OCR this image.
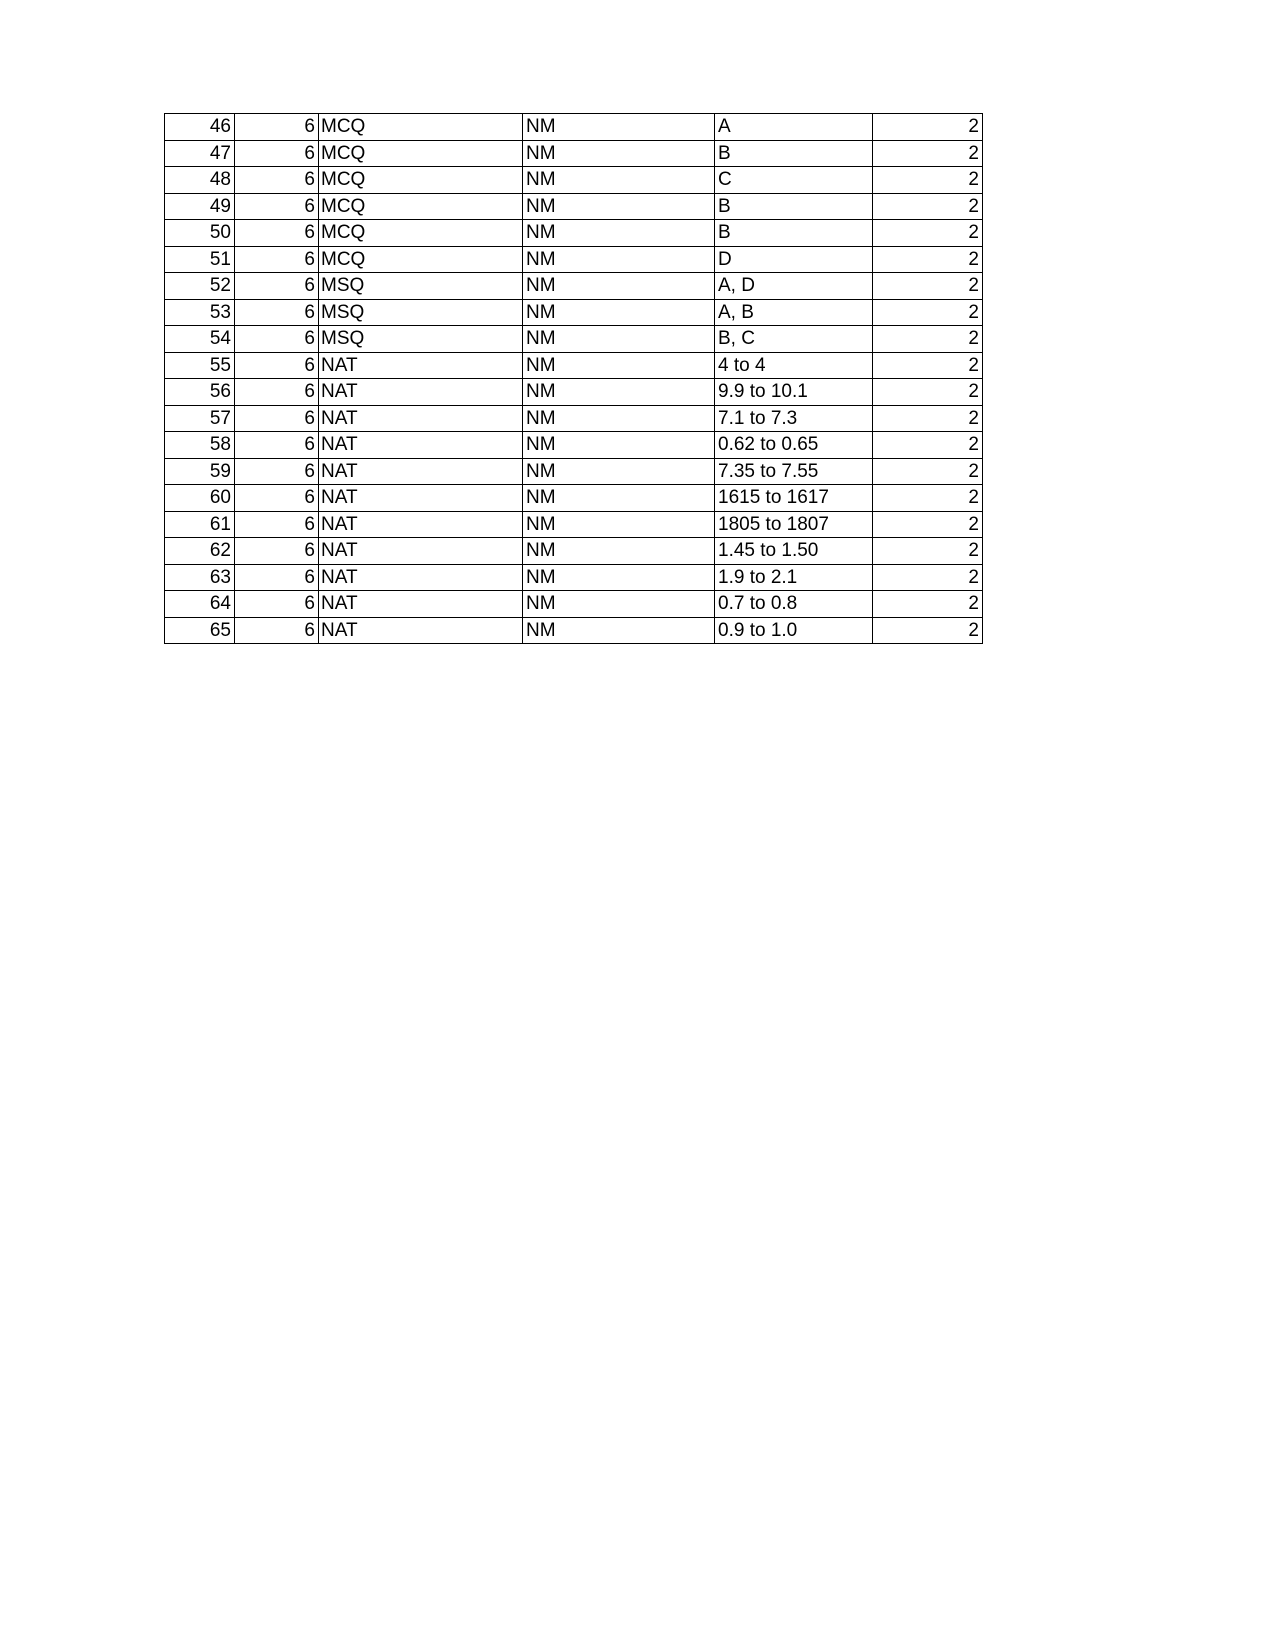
46	6	MCQ	NM	A	2
47	6	MCQ	NM	B	2
48	6	MCQ	NM	C	2
49	6	MCQ	NM	B	2
50	6	MCQ	NM	B	2
51	6	MCQ	NM	D	2
52	6	MSQ	NM	A, D	2
53	6	MSQ	NM	A, B	2
54	6	MSQ	NM	B, C	2
55	6	NAT	NM	4 to 4	2
56	6	NAT	NM	9.9 to 10.1	2
57	6	NAT	NM	7.1 to 7.3	2
58	6	NAT	NM	0.62 to 0.65	2
59	6	NAT	NM	7.35 to 7.55	2
60	6	NAT	NM	1615 to 1617	2
61	6	NAT	NM	1805 to 1807	2
62	6	NAT	NM	1.45 to 1.50	2
63	6	NAT	NM	1.9 to 2.1	2
64	6	NAT	NM	0.7 to 0.8	2
65	6	NAT	NM	0.9 to 1.0	2
